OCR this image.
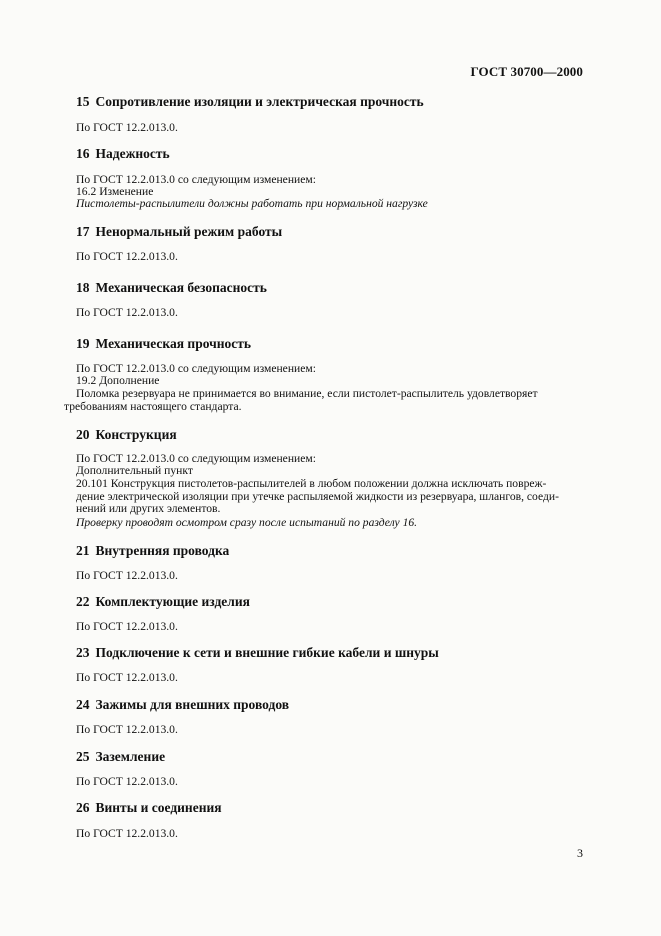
ГОСТ 30700—2000
15 Сопротивление изоляции и электрическая прочность
По ГОСТ 12.2.013.0.
16 Надежность
По ГОСТ 12.2.013.0 со следующим изменением:
16.2 Изменение
Пистолеты-распылители должны работать при нормальной нагрузке
17 Ненормальный режим работы
По ГОСТ 12.2.013.0.
18 Механическая безопасность
По ГОСТ 12.2.013.0.
19 Механическая прочность
По ГОСТ 12.2.013.0 со следующим изменением:
19.2 Дополнение
Поломка резервуара не принимается во внимание, если пистолет-распылитель удовлетворяет
требованиям настоящего стандарта.
20 Конструкция
По ГОСТ 12.2.013.0 со следующим изменением:
Дополнительный пункт
20.101 Конструкция пистолетов-распылителей в любом положении должна исключать повреж-
дение электрической изоляции при утечке распыляемой жидкости из резервуара, шлангов, соеди-
нений или других элементов.
Проверку проводят осмотром сразу после испытаний по разделу 16.
21 Внутренняя проводка
По ГОСТ 12.2.013.0.
22 Комплектующие изделия
По ГОСТ 12.2.013.0.
23 Подключение к сети и внешние гибкие кабели и шнуры
По ГОСТ 12.2.013.0.
24 Зажимы для внешних проводов
По ГОСТ 12.2.013.0.
25 Заземление
По ГОСТ 12.2.013.0.
26 Винты и соединения
По ГОСТ 12.2.013.0.
3
